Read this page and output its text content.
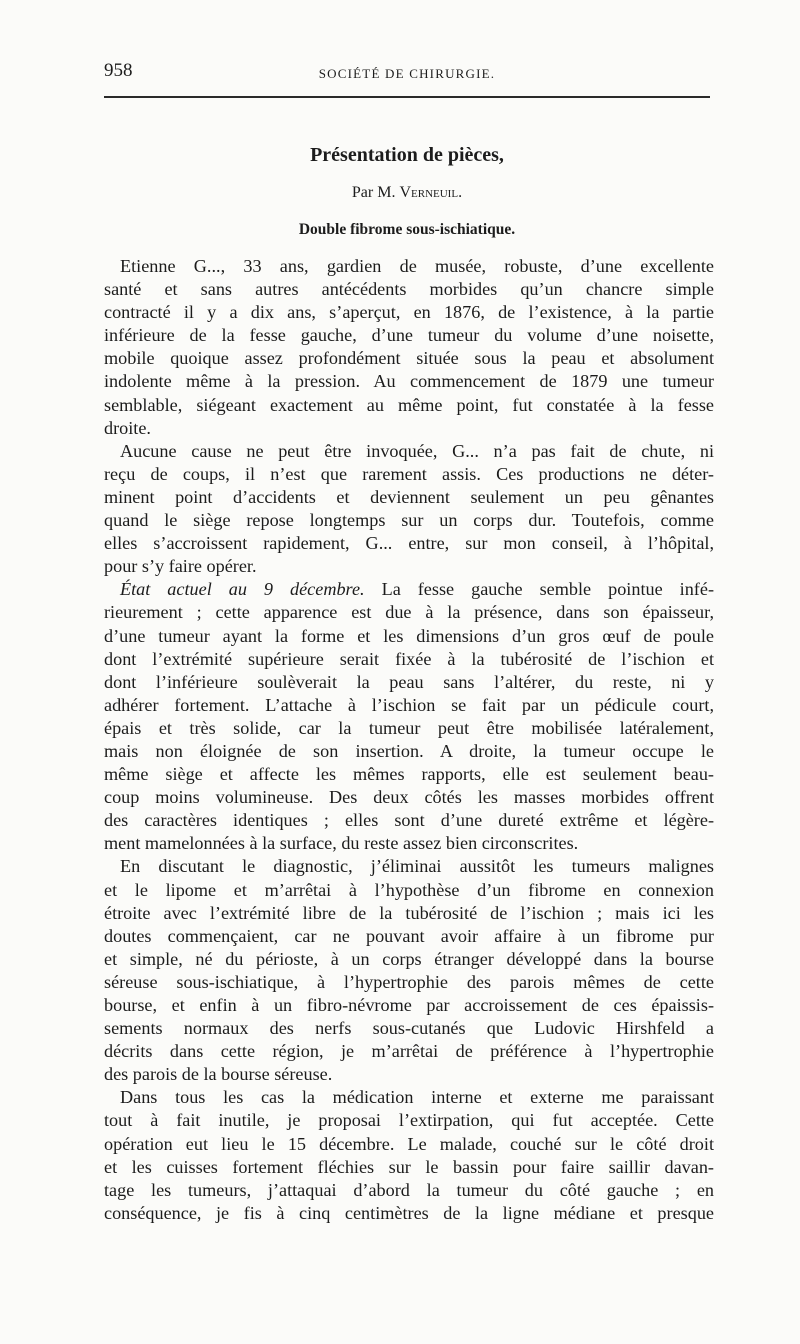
958	SOCIÉTÉ DE CHIRURGIE.
Présentation de pièces,
Par M. Verneuil.
Double fibrome sous-ischiatique.
Etienne G..., 33 ans, gardien de musée, robuste, d’une excellente
santé et sans autres antécédents morbides qu’un chancre simple
contracté il y a dix ans, s’aperçut, en 1876, de l’existence, à la partie
inférieure de la fesse gauche, d’une tumeur du volume d’une noisette,
mobile quoique assez profondément située sous la peau et absolument
indolente même à la pression. Au commencement de 1879 une tumeur
semblable, siégeant exactement au même point, fut constatée à la fesse
droite.
Aucune cause ne peut être invoquée, G... n’a pas fait de chute, ni
reçu de coups, il n’est que rarement assis. Ces productions ne déter-
minent point d’accidents et deviennent seulement un peu gênantes
quand le siège repose longtemps sur un corps dur. Toutefois, comme
elles s’accroissent rapidement, G... entre, sur mon conseil, à l’hôpital,
pour s’y faire opérer.
État actuel au 9 décembre. La fesse gauche semble pointue infé-
rieurement ; cette apparence est due à la présence, dans son épaisseur,
d’une tumeur ayant la forme et les dimensions d’un gros œuf de poule
dont l’extrémité supérieure serait fixée à la tubérosité de l’ischion et
dont l’inférieure soulèverait la peau sans l’altérer, du reste, ni y
adhérer fortement. L’attache à l’ischion se fait par un pédicule court,
épais et très solide, car la tumeur peut être mobilisée latéralement,
mais non éloignée de son insertion. A droite, la tumeur occupe le
même siège et affecte les mêmes rapports, elle est seulement beau-
coup moins volumineuse. Des deux côtés les masses morbides offrent
des caractères identiques ; elles sont d’une dureté extrême et légère-
ment mamelonnées à la surface, du reste assez bien circonscrites.
En discutant le diagnostic, j’éliminai aussitôt les tumeurs malignes
et le lipome et m’arrêtai à l’hypothèse d’un fibrome en connexion
étroite avec l’extrémité libre de la tubérosité de l’ischion ; mais ici les
doutes commençaient, car ne pouvant avoir affaire à un fibrome pur
et simple, né du périoste, à un corps étranger développé dans la bourse
séreuse sous-ischiatique, à l’hypertrophie des parois mêmes de cette
bourse, et enfin à un fibro-névrome par accroissement de ces épaissis-
sements normaux des nerfs sous-cutanés que Ludovic Hirshfeld a
décrits dans cette région, je m’arrêtai de préférence à l’hypertrophie
des parois de la bourse séreuse.
Dans tous les cas la médication interne et externe me paraissant
tout à fait inutile, je proposai l’extirpation, qui fut acceptée. Cette
opération eut lieu le 15 décembre. Le malade, couché sur le côté droit
et les cuisses fortement fléchies sur le bassin pour faire saillir davan-
tage les tumeurs, j’attaquai d’abord la tumeur du côté gauche ; en
conséquence, je fis à cinq centimètres de la ligne médiane et presque
